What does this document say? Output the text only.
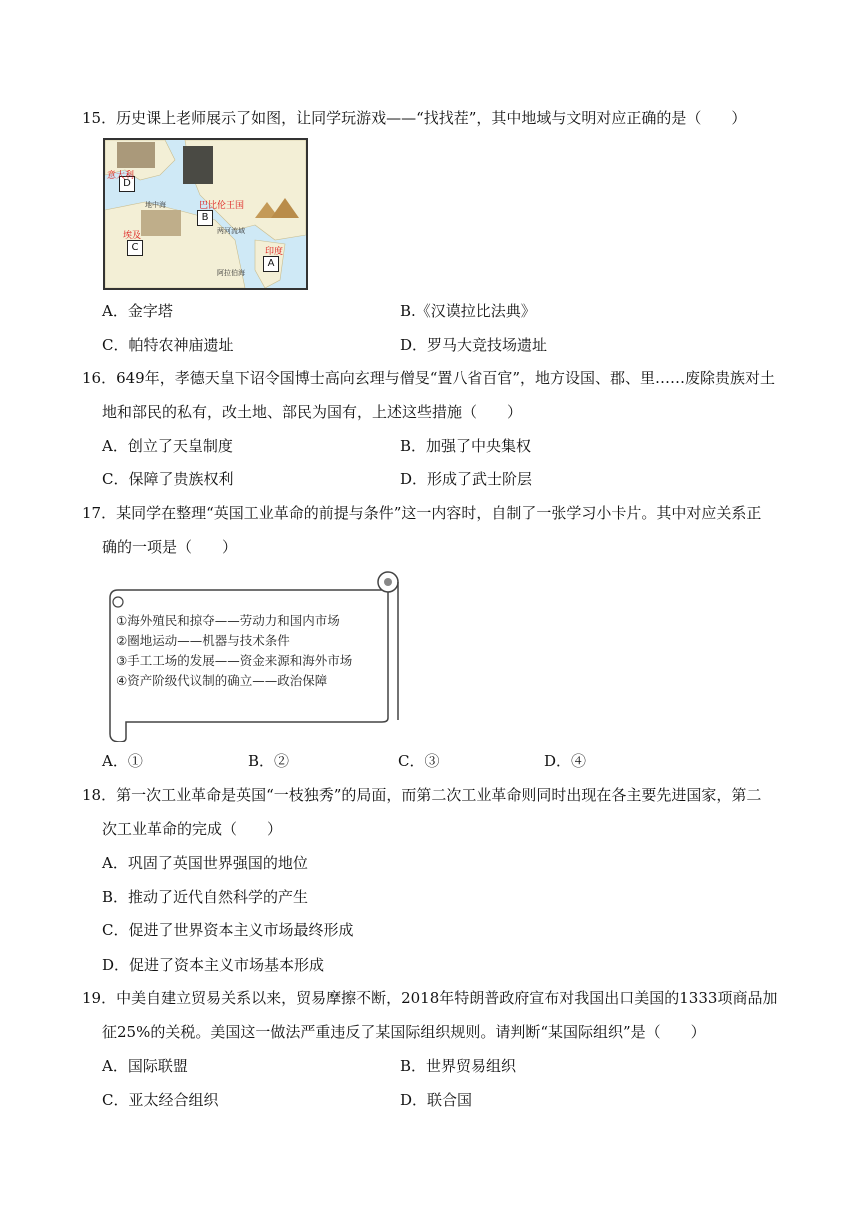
15．历史课上老师展示了如图，让同学玩游戏——“找找茬”，其中地域与文明对应正确的是（　　）
D
B
C
A
意大利
巴比伦王国
埃及
印度
地中海
两河流域
阿拉伯海
A．金字塔	B.《汉谟拉比法典》
C．帕特农神庙遗址	D．罗马大竞技场遗址
16．649年，孝德天皇下诏令国博士高向玄理与僧旻“置八省百官”，地方设国、郡、里……废除贵族对土
地和部民的私有，改土地、部民为国有，上述这些措施（　　）
A．创立了天皇制度	B．加强了中央集权
C．保障了贵族权利	D．形成了武士阶层
17．某同学在整理“英国工业革命的前提与条件”这一内容时，自制了一张学习小卡片。其中对应关系正
确的一项是（　　）
①海外殖民和掠夺——劳动力和国内市场
②圈地运动——机器与技术条件
③手工工场的发展——资金来源和海外市场
④资产阶级代议制的确立——政治保障
A．①	B．②	C．③	D．④
18．第一次工业革命是英国“一枝独秀”的局面，而第二次工业革命则同时出现在各主要先进国家，第二
次工业革命的完成（　　）
A．巩固了英国世界强国的地位
B．推动了近代自然科学的产生
C．促进了世界资本主义市场最终形成
D．促进了资本主义市场基本形成
19．中美自建立贸易关系以来，贸易摩擦不断，2018年特朗普政府宣布对我国出口美国的1333项商品加
征25%的关税。美国这一做法严重违反了某国际组织规则。请判断“某国际组织”是（　　）
A．国际联盟	B．世界贸易组织
C．亚太经合组织	D．联合国
